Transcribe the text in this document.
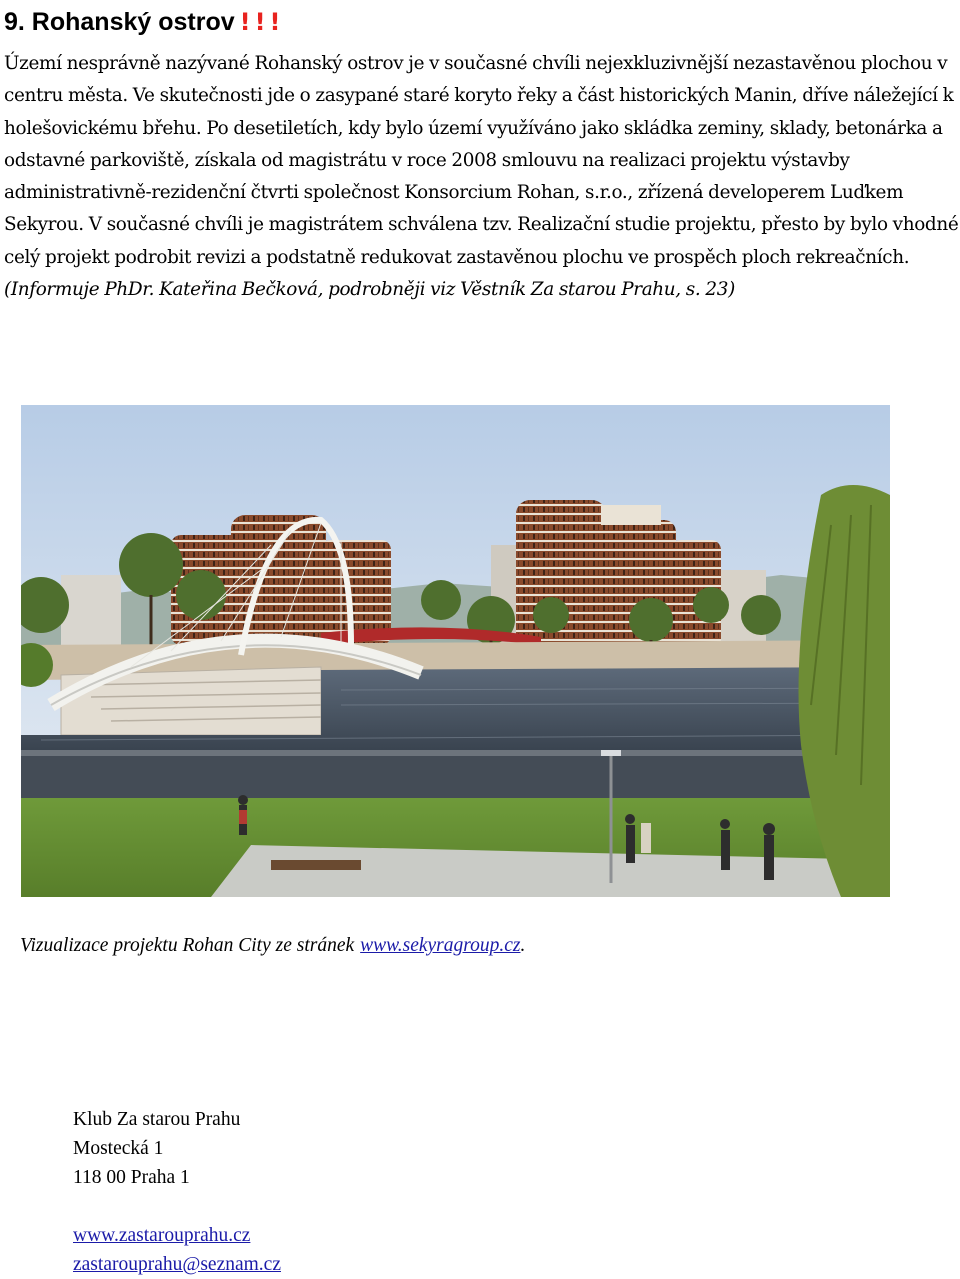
9. Rohanský ostrov !!!

Území nesprávně nazývané Rohanský ostrov je v současné chvíli nejexkluzivnější nezastavěnou plochou v centru města. Ve skutečnosti jde o zasypané staré koryto řeky a část historických Manin, dříve náležející k holešovickému břehu. Po desetiletích, kdy bylo území využíváno jako skládka zeminy, sklady, betonárka a odstavné parkoviště, získala od magistrátu v roce 2008 smlouvu na realizaci projektu výstavby administrativně-rezidenční čtvrti společnost Konsorcium Rohan, s.r.o., zřízená developerem Luďkem Sekyrou. V současné chvíli je magistrátem schválena tzv. Realizační studie projektu, přesto by bylo vhodné celý projekt podrobit revizi a podstatně redukovat zastavěnou plochu ve prospěch ploch rekreačních.
(Informuje PhDr. Kateřina Bečková, podrobněji viz Věstník Za starou Prahu, s. 23)

Vizualizace projektu Rohan City ze stránek www.sekyragroup.cz.
Klub Za starou Prahu
Mostecká 1
118 00 Praha 1
www.zastarouprahu.cz
zastarouprahu@seznam.cz
